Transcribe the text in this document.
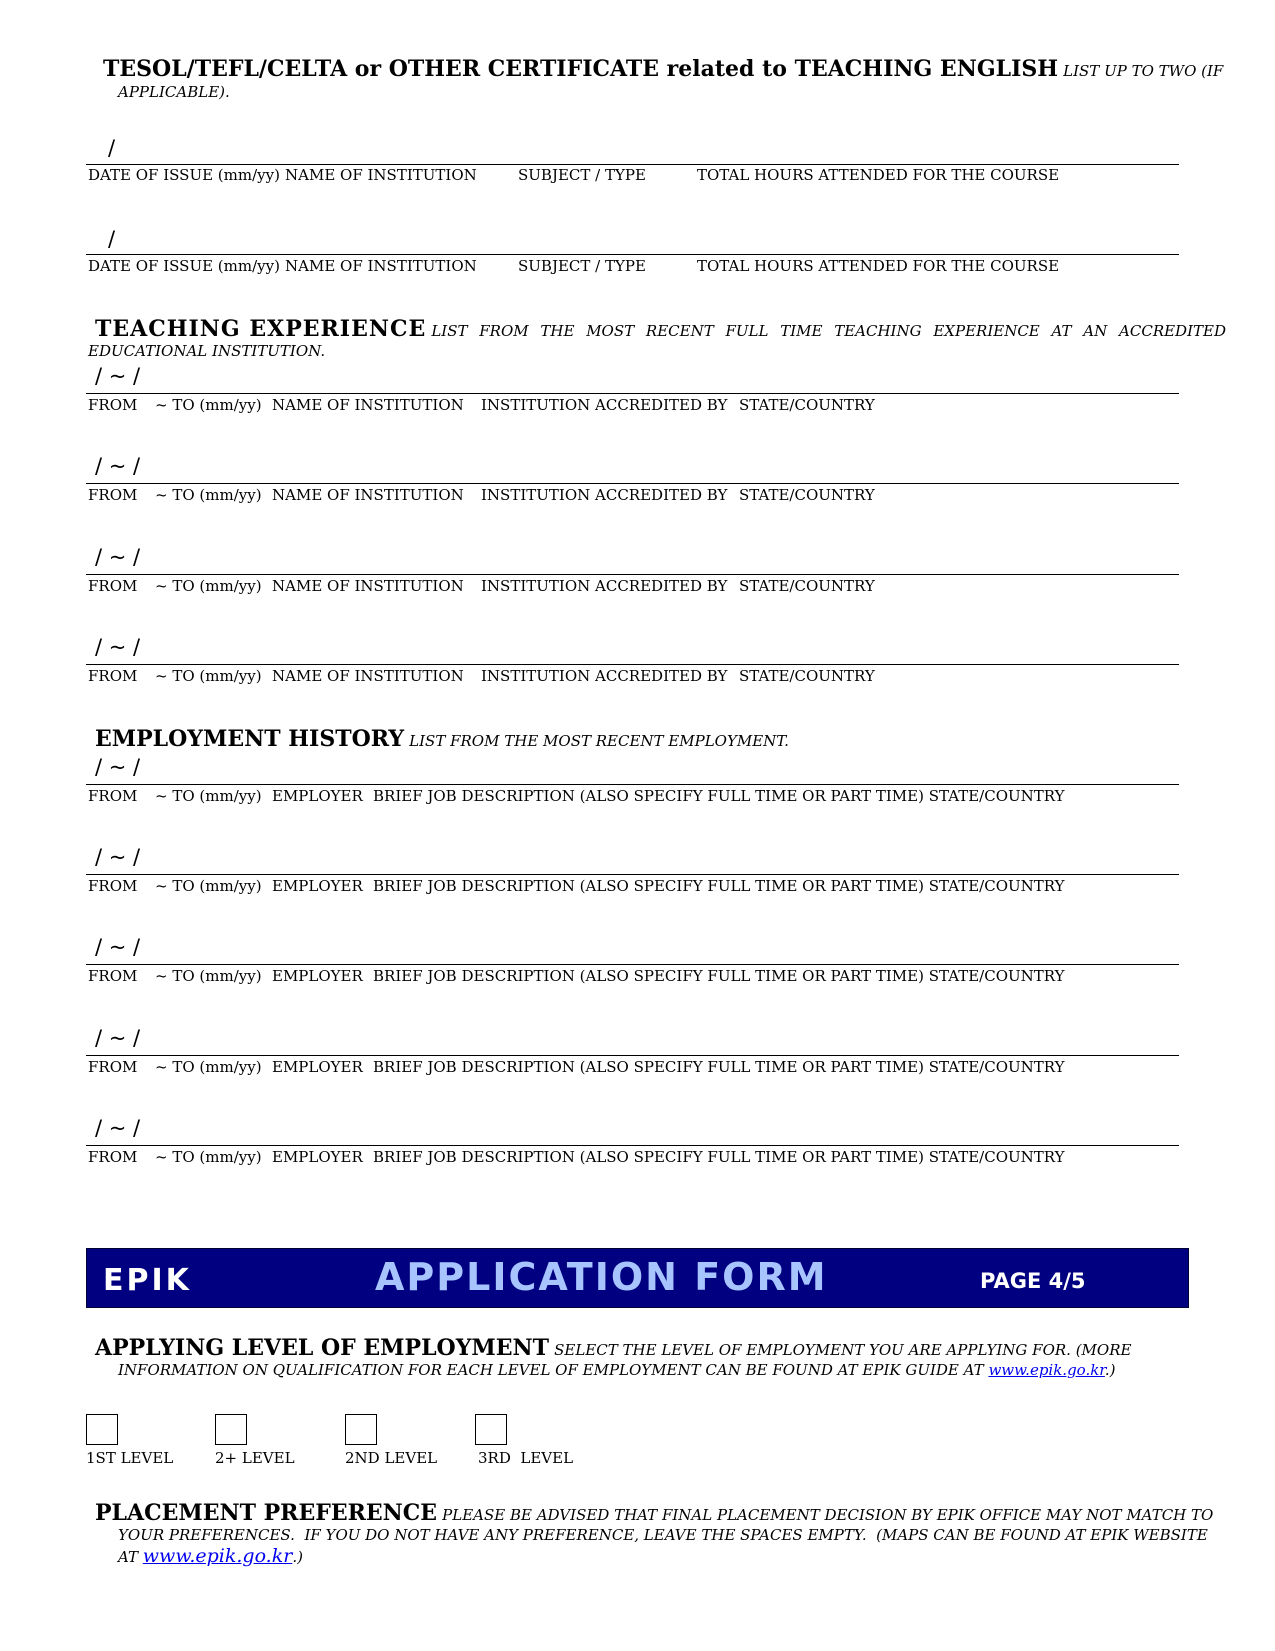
TESOL/TEFL/CELTA or OTHER CERTIFICATE related to TEACHING ENGLISH LIST UP TO TWO (IF
APPLICABLE).
/
DATE OF ISSUE (mm/yy) NAME OF INSTITUTION	SUBJECT / TYPE	TOTAL HOURS ATTENDED FOR THE COURSE
/
DATE OF ISSUE (mm/yy) NAME OF INSTITUTION	SUBJECT / TYPE	TOTAL HOURS ATTENDED FOR THE COURSE
TEACHING EXPERIENCE LIST FROM THE MOST RECENT FULL TIME TEACHING EXPERIENCE AT AN ACCREDITED
EDUCATIONAL INSTITUTION.
/ ~ /
FROM ~ TO (mm/yy) NAME OF INSTITUTION INSTITUTION ACCREDITED BY STATE/COUNTRY
/ ~ /
FROM ~ TO (mm/yy) NAME OF INSTITUTION INSTITUTION ACCREDITED BY STATE/COUNTRY
/ ~ /
FROM ~ TO (mm/yy) NAME OF INSTITUTION INSTITUTION ACCREDITED BY STATE/COUNTRY
/ ~ /
FROM ~ TO (mm/yy) NAME OF INSTITUTION INSTITUTION ACCREDITED BY STATE/COUNTRY
EMPLOYMENT HISTORY LIST FROM THE MOST RECENT EMPLOYMENT.
/ ~ /
FROM ~ TO (mm/yy) EMPLOYER BRIEF JOB DESCRIPTION (ALSO SPECIFY FULL TIME OR PART TIME) STATE/COUNTRY
/ ~ /
FROM ~ TO (mm/yy) EMPLOYER BRIEF JOB DESCRIPTION (ALSO SPECIFY FULL TIME OR PART TIME) STATE/COUNTRY
/ ~ /
FROM ~ TO (mm/yy) EMPLOYER BRIEF JOB DESCRIPTION (ALSO SPECIFY FULL TIME OR PART TIME) STATE/COUNTRY
/ ~ /
FROM ~ TO (mm/yy) EMPLOYER BRIEF JOB DESCRIPTION (ALSO SPECIFY FULL TIME OR PART TIME) STATE/COUNTRY
/ ~ /
FROM ~ TO (mm/yy) EMPLOYER BRIEF JOB DESCRIPTION (ALSO SPECIFY FULL TIME OR PART TIME) STATE/COUNTRY
EPIK	APPLICATION FORM	PAGE 4/5
APPLYING LEVEL OF EMPLOYMENT SELECT THE LEVEL OF EMPLOYMENT YOU ARE APPLYING FOR. (MORE
INFORMATION ON QUALIFICATION FOR EACH LEVEL OF EMPLOYMENT CAN BE FOUND AT EPIK GUIDE AT www.epik.go.kr.)
1ST LEVEL	2+ LEVEL	2ND LEVEL	3RD  LEVEL
PLACEMENT PREFERENCE PLEASE BE ADVISED THAT FINAL PLACEMENT DECISION BY EPIK OFFICE MAY NOT MATCH TO
YOUR PREFERENCES.  IF YOU DO NOT HAVE ANY PREFERENCE, LEAVE THE SPACES EMPTY.  (MAPS CAN BE FOUND AT EPIK WEBSITE
AT www.epik.go.kr.)
